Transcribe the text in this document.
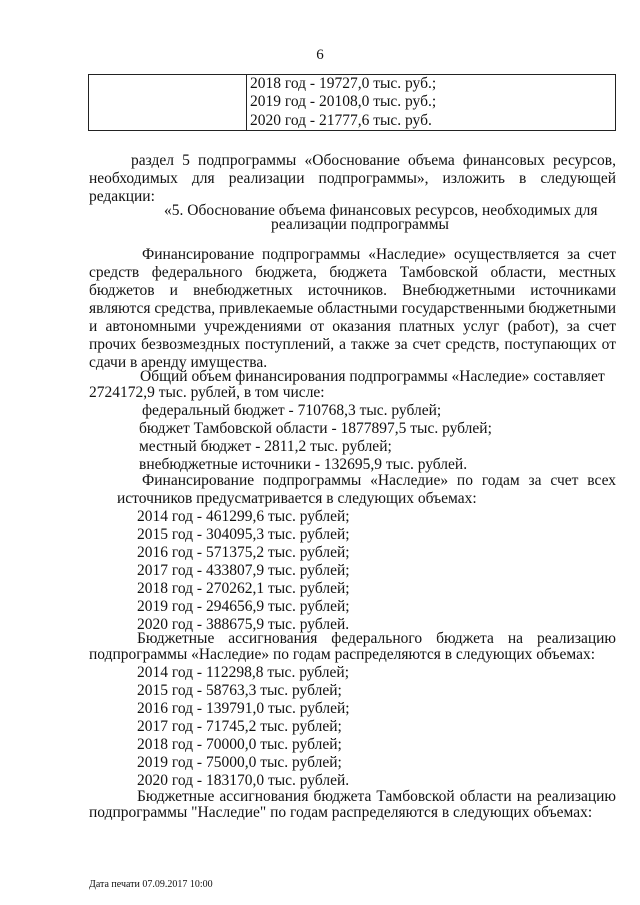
6

2018 год - 19727,0 тыс. руб.;
2019 год - 20108,0 тыс. руб.;
2020 год - 21777,6 тыс. руб.
раздел 5 подпрограммы «Обоснование объема финансовых ресурсов,
необходимых для реализации подпрограммы», изложить в следующей
редакции:
«5. Обоснование объема финансовых ресурсов, необходимых для
реализации подпрограммы
Финансирование подпрограммы «Наследие» осуществляется за счет
средств федерального бюджета, бюджета Тамбовской области, местных
бюджетов и внебюджетных источников. Внебюджетными источниками
являются средства, привлекаемые областными государственными бюджетными
и автономными учреждениями от оказания платных услуг (работ), за счет
прочих безвозмездных поступлений, а также за счет средств, поступающих от
сдачи в аренду имущества.
Общий объем финансирования подпрограммы «Наследие» составляет
2724172,9 тыс. рублей, в том числе:
федеральный бюджет - 710768,3 тыс. рублей;
бюджет Тамбовской области - 1877897,5 тыс. рублей;
местный бюджет - 2811,2 тыс. рублей;
внебюджетные источники - 132695,9 тыс. рублей.
Финансирование подпрограммы «Наследие» по годам за счет всех
источников предусматривается в следующих объемах:
2014 год - 461299,6 тыс. рублей;
2015 год - 304095,3 тыс. рублей;
2016 год - 571375,2 тыс. рублей;
2017 год - 433807,9 тыс. рублей;
2018 год - 270262,1 тыс. рублей;
2019 год - 294656,9 тыс. рублей;
2020 год - 388675,9 тыс. рублей.
Бюджетные ассигнования федерального бюджета на реализацию
подпрограммы «Наследие» по годам распределяются в следующих объемах:
2014 год - 112298,8 тыс. рублей;
2015 год - 58763,3 тыс. рублей;
2016 год - 139791,0 тыс. рублей;
2017 год - 71745,2 тыс. рублей;
2018 год - 70000,0 тыс. рублей;
2019 год - 75000,0 тыс. рублей;
2020 год - 183170,0 тыс. рублей.
Бюджетные ассигнования бюджета Тамбовской области на реализацию
подпрограммы "Наследие" по годам распределяются в следующих объемах:
Дата печати 07.09.2017 10:00
